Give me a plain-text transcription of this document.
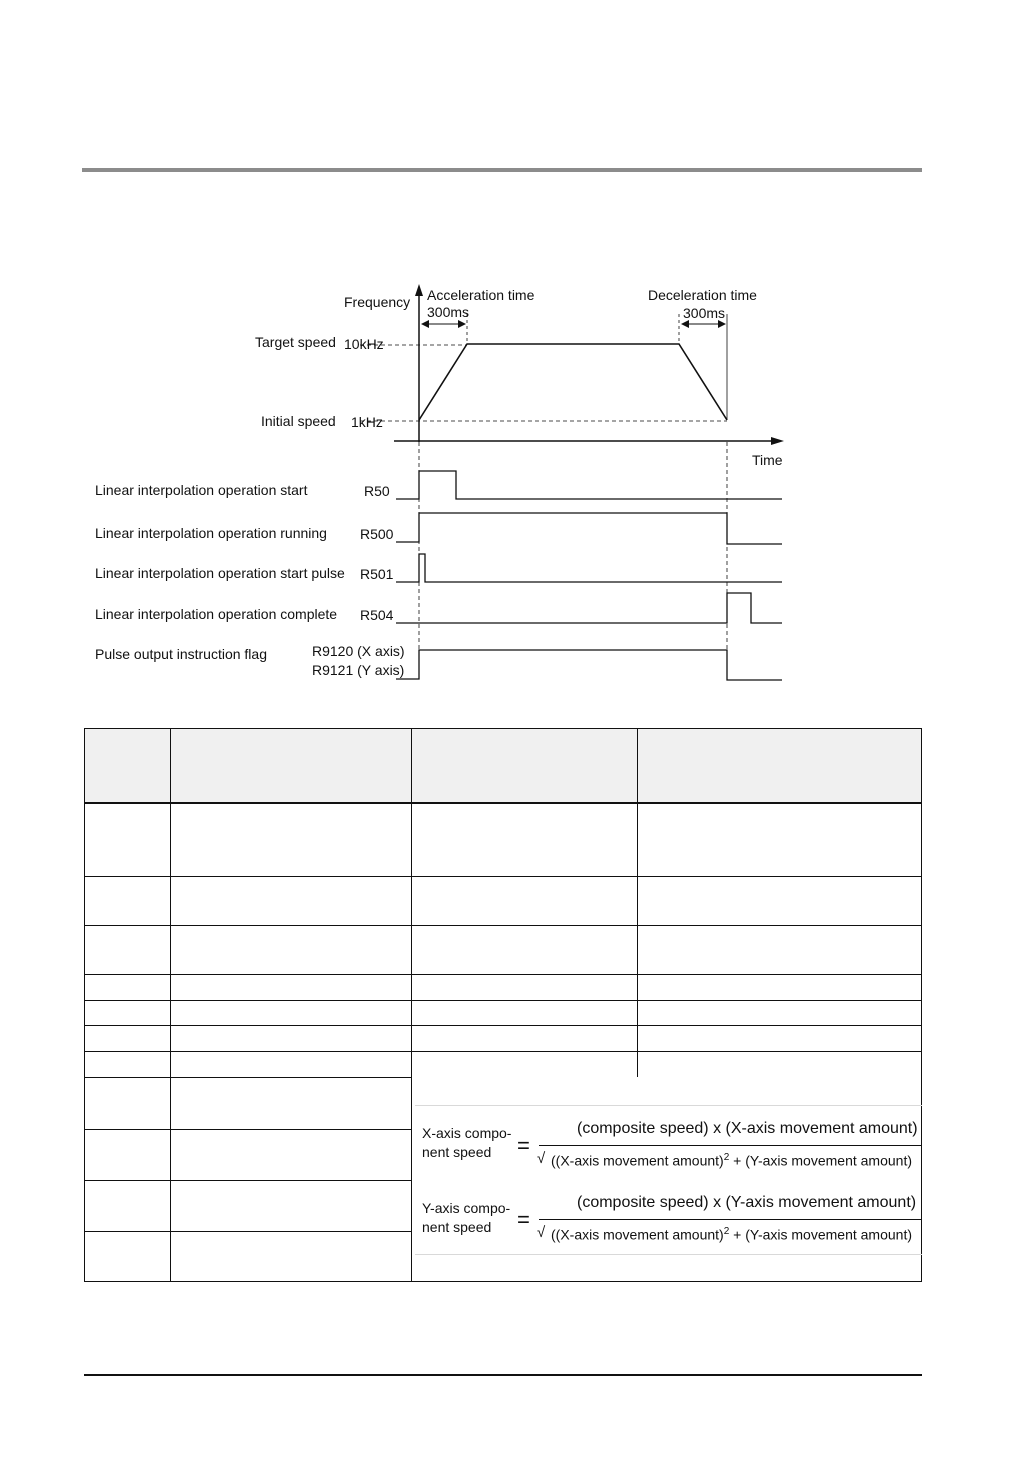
Frequency Acceleration time
300ms
Deceleration time
300ms
Target speed 10kHz
Initial speed 1kHz
Time
Linear interpolation operation start
Linear interpolation operation running
Linear interpolation operation start pulse
Linear interpolation operation complete
Pulse output instruction flag
R50
R500
R501
R504
R9120 (X axis)
R9121 (Y axis)
X-axis compo-
nent speed	=
(composite speed) x (X-axis movement amount)
√ ((X-axis movement amount)$^2$ + (Y-axis movement amount)
Y-axis compo-
nent speed	=
(composite speed) x (Y-axis movement amount)
√ ((X-axis movement amount)$^2$ + (Y-axis movement amount)
